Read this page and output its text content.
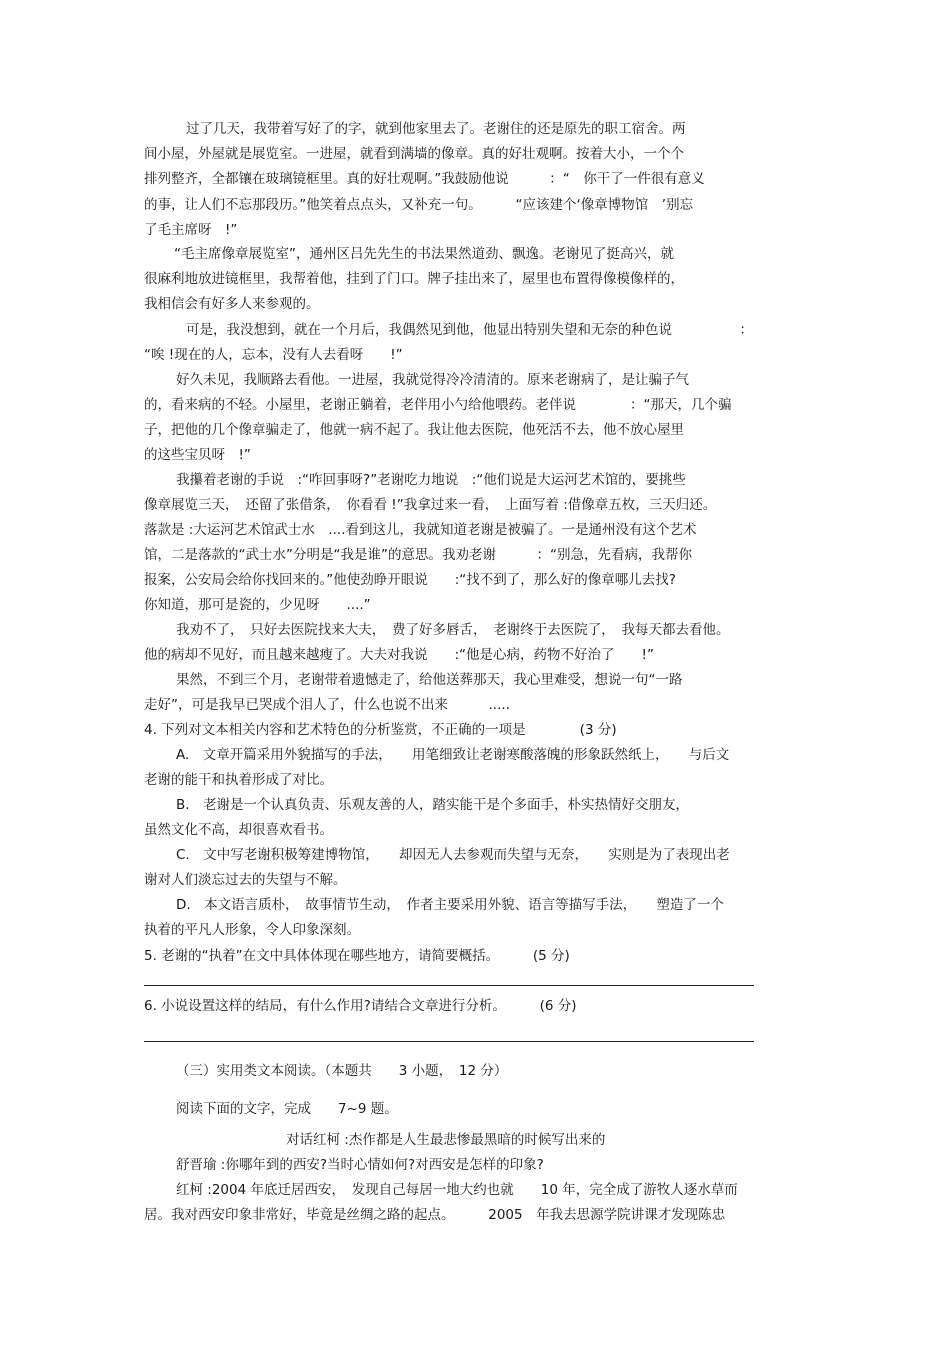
过了几天，我带着写好了的字，就到他家里去了。老谢住的还是原先的职工宿舍。两
间小屋，外屋就是展览室。一进屋，就看到满墙的像章。真的好壮观啊。按着大小，一个个
排列整齐，全都镶在玻璃镜框里。真的好壮观啊。”我鼓励他说　　　：“　你干了一件很有意义
的事，让人们不忘那段历。”他笑着点点头，又补充一句。　　　“应该建个‘像章博物馆　’别忘
了毛主席呀　!”
“毛主席像章展览室”，通州区吕先先生的书法果然道劲、飘逸。老谢见了挺高兴，就
很麻利地放进镜框里，我帮着他，挂到了门口。牌子挂出来了，屋里也布置得像模像样的，
我相信会有好多人来参观的。
可是，我没想到，就在一个月后，我偶然见到他，他显出特别失望和无奈的种色说　　　　　：
“唉 !现在的人，忘本，没有人去看呀　　!”
好久未见，我顺路去看他。一进屋，我就觉得冷冷清清的。原来老谢病了，是让骗子气
的，看来病的不轻。小屋里，老谢正躺着，老伴用小勺给他喂药。老伴说　　　　：“那天，几个骗
子，把他的几个像章骗走了，他就一病不起了。我让他去医院，他死活不去，他不放心屋里
的这些宝贝呀　!”
我攥着老谢的手说　:“咋回事呀?”老谢吃力地说　:“他们说是大运河艺术馆的，要挑些
像章展览三天，　还留了张借条，　你看看 !”我拿过来一看，　上面写着 :借像章五枚，三天归还。
落款是 :大运河艺术馆武士水　....看到这儿，我就知道老谢是被骗了。一是通州没有这个艺术
馆，二是落款的“武士水”分明是“我是谁”的意思。我劝老谢　　　：“别急，先看病，我帮你
报案，公安局会给你找回来的。”他使劲睁开眼说　　:“找不到了，那么好的像章哪儿去找?
你知道，那可是瓷的，少见呀　　....”
我劝不了，　只好去医院找来大夫，　费了好多唇舌，　老谢终于去医院了，　我每天都去看他。
他的病却不见好，而且越来越瘦了。大夫对我说　　:“他是心病，药物不好治了　　!”
果然，不到三个月，老谢带着遗憾走了，给他送葬那天，我心里难受，想说一句“一路
走好”，可是我早已哭成个泪人了，什么也说不出来　　　.....
4. 下列对文本相关内容和艺术特色的分析鉴赏，不正确的一项是　　　　(3 分)
A.　文章开篇采用外貌描写的手法，　　用笔细致让老谢寒酸落魄的形象跃然纸上，　　与后文
老谢的能干和执着形成了对比。
B.　老谢是一个认真负责、乐观友善的人，踏实能干是个多面手，朴实热情好交朋友，
虽然文化不高，却很喜欢看书。
C.　文中写老谢积极筹建博物馆，　　却因无人去参观而失望与无奈，　　实则是为了表现出老
谢对人们淡忘过去的失望与不解。
D.　本文语言质朴，　故事情节生动，　作者主要采用外貌、语言等描写手法，　　塑造了一个
执着的平凡人形象，令人印象深刻。
5. 老谢的“执着”在文中具体体现在哪些地方，请简要概括。　　　(5 分)
6. 小说设置这样的结局，有什么作用?请结合文章进行分析。　　　(6 分)
（三）实用类文本阅读。（本题共　　3 小题，　12 分）
阅读下面的文字，完成　　7~9 题。
对话红柯 :杰作都是人生最悲惨最黑暗的时候写出来的
舒晋瑜 :你哪年到的西安?当时心情如何?对西安是怎样的印象?
红柯 :2004 年底迁居西安，　发现自己每居一地大约也就　　10 年，完全成了游牧人逐水草而
居。我对西安印象非常好，毕竟是丝绸之路的起点。　　　2005　年我去思源学院讲课才发现陈忠
